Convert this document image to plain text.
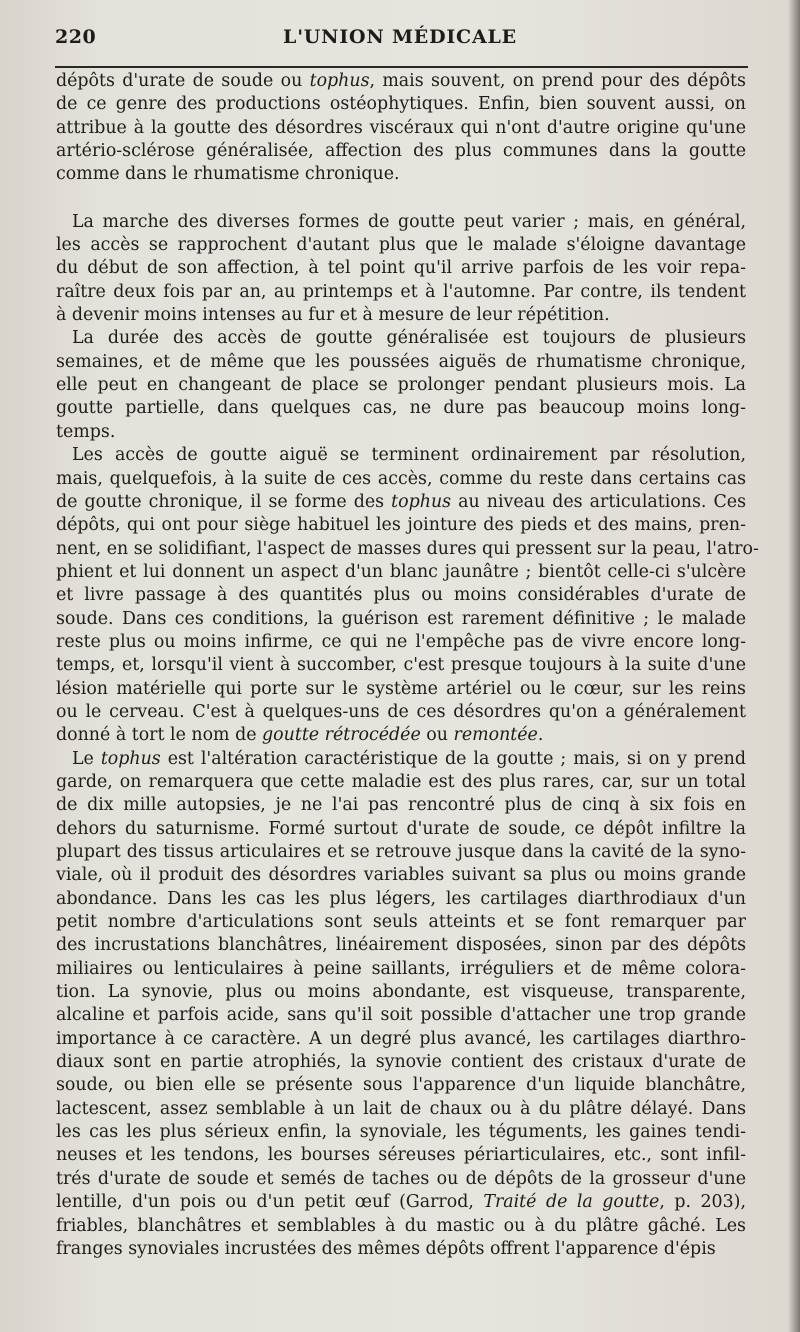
220	L'UNION MÉDICALE
dépôts d'urate de soude ou tophus, mais souvent, on prend pour des dépôts
de ce genre des productions ostéophytiques. Enfin, bien souvent aussi, on
attribue à la goutte des désordres viscéraux qui n'ont d'autre origine qu'une
artério-sclérose généralisée, affection des plus communes dans la goutte
comme dans le rhumatisme chronique.
La marche des diverses formes de goutte peut varier ; mais, en général,
les accès se rapprochent d'autant plus que le malade s'éloigne davantage
du début de son affection, à tel point qu'il arrive parfois de les voir repa-
raître deux fois par an, au printemps et à l'automne. Par contre, ils tendent
à devenir moins intenses au fur et à mesure de leur répétition.
La durée des accès de goutte généralisée est toujours de plusieurs
semaines, et de même que les poussées aiguës de rhumatisme chronique,
elle peut en changeant de place se prolonger pendant plusieurs mois. La
goutte partielle, dans quelques cas, ne dure pas beaucoup moins long-
temps.
Les accès de goutte aiguë se terminent ordinairement par résolution,
mais, quelquefois, à la suite de ces accès, comme du reste dans certains cas
de goutte chronique, il se forme des tophus au niveau des articulations. Ces
dépôts, qui ont pour siège habituel les jointure des pieds et des mains, pren-
nent, en se solidifiant, l'aspect de masses dures qui pressent sur la peau, l'atro-
phient et lui donnent un aspect d'un blanc jaunâtre ; bientôt celle-ci s'ulcère
et livre passage à des quantités plus ou moins considérables d'urate de
soude. Dans ces conditions, la guérison est rarement définitive ; le malade
reste plus ou moins infirme, ce qui ne l'empêche pas de vivre encore long-
temps, et, lorsqu'il vient à succomber, c'est presque toujours à la suite d'une
lésion matérielle qui porte sur le système artériel ou le cœur, sur les reins
ou le cerveau. C'est à quelques-uns de ces désordres qu'on a généralement
donné à tort le nom de goutte rétrocédée ou remontée.
Le tophus est l'altération caractéristique de la goutte ; mais, si on y prend
garde, on remarquera que cette maladie est des plus rares, car, sur un total
de dix mille autopsies, je ne l'ai pas rencontré plus de cinq à six fois en
dehors du saturnisme. Formé surtout d'urate de soude, ce dépôt infiltre la
plupart des tissus articulaires et se retrouve jusque dans la cavité de la syno-
viale, où il produit des désordres variables suivant sa plus ou moins grande
abondance. Dans les cas les plus légers, les cartilages diarthrodiaux d'un
petit nombre d'articulations sont seuls atteints et se font remarquer par
des incrustations blanchâtres, linéairement disposées, sinon par des dépôts
miliaires ou lenticulaires à peine saillants, irréguliers et de même colora-
tion. La synovie, plus ou moins abondante, est visqueuse, transparente,
alcaline et parfois acide, sans qu'il soit possible d'attacher une trop grande
importance à ce caractère. A un degré plus avancé, les cartilages diarthro-
diaux sont en partie atrophiés, la synovie contient des cristaux d'urate de
soude, ou bien elle se présente sous l'apparence d'un liquide blanchâtre,
lactescent, assez semblable à un lait de chaux ou à du plâtre délayé. Dans
les cas les plus sérieux enfin, la synoviale, les téguments, les gaines tendi-
neuses et les tendons, les bourses séreuses périarticulaires, etc., sont infil-
trés d'urate de soude et semés de taches ou de dépôts de la grosseur d'une
lentille, d'un pois ou d'un petit œuf (Garrod, Traité de la goutte, p. 203),
friables, blanchâtres et semblables à du mastic ou à du plâtre gâché. Les
franges synoviales incrustées des mêmes dépôts offrent l'apparence d'épis
